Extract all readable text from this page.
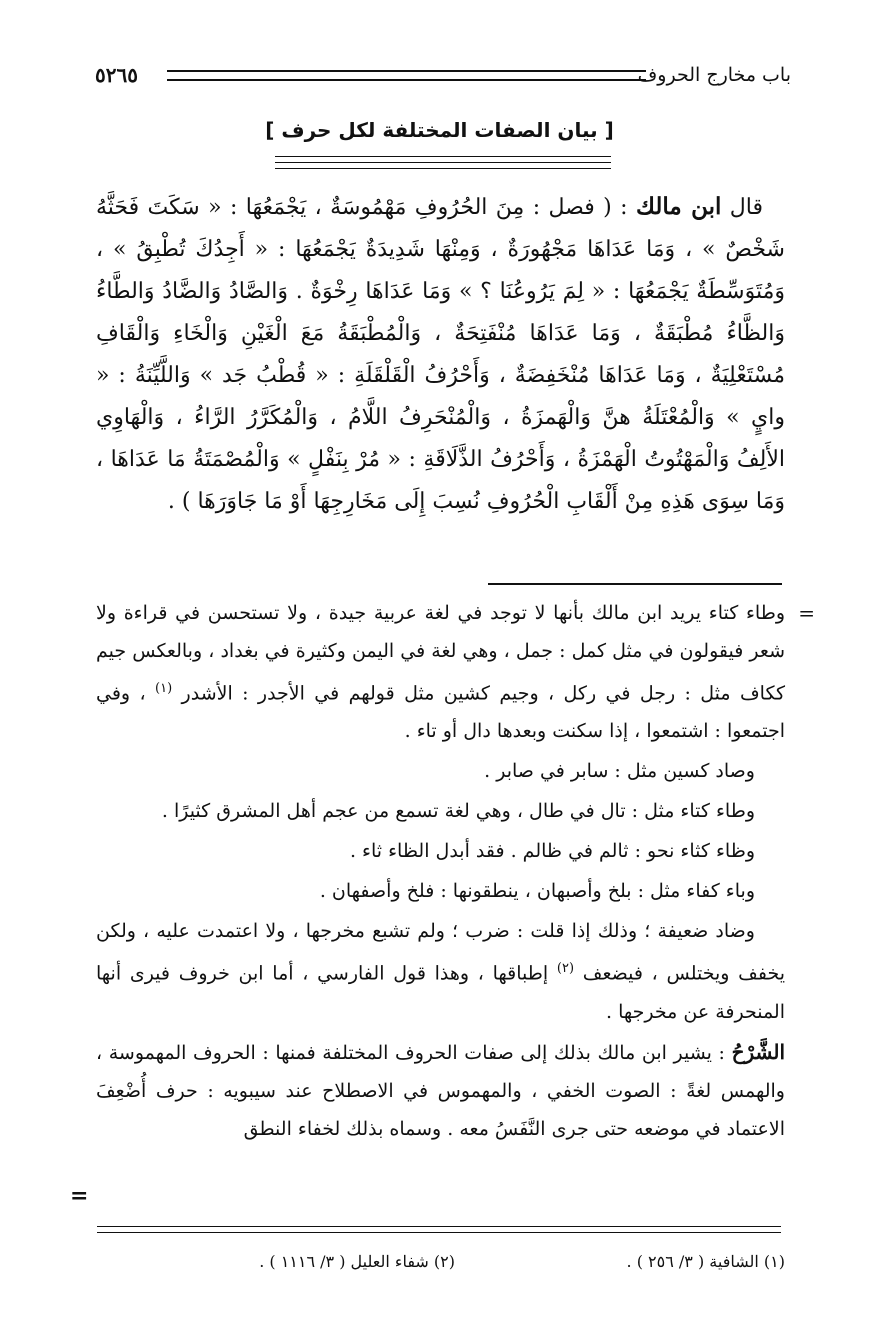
باب مخارج الحروف
٥٢٦٥
[ بيان الصفات المختلفة لكل حرف ]

قال ابن مالك : ( فصل : مِنَ الحُرُوفِ مَهْمُوسَةٌ ، يَجْمَعُهَا : « سَكَتَ فَحَثَّهُ شَخْصٌ » ، وَمَا عَدَاهَا مَجْهُورَةٌ ، وَمِنْهَا شَدِيدَةٌ يَجْمَعُهَا : « أَجِدُكَ تُطْبِقُ » ، وَمُتَوَسِّطَةٌ يَجْمَعُهَا : « لِمَ يَرُوعُنَا ؟ » وَمَا عَدَاهَا رِخْوَةٌ . وَالصَّادُ وَالضَّادُ وَالطَّاءُ وَالظَّاءُ مُطْبَقَةٌ ، وَمَا عَدَاهَا مُنْفَتِحَةٌ ، وَالْمُطْبَقَةُ مَعَ الْغَيْنِ وَالْخَاءِ وَالْقَافِ مُسْتَعْلِيَةٌ ، وَمَا عَدَاهَا مُنْخَفِضَةٌ ، وَأَحْرُفُ الْقَلْقَلَةِ : « قُطْبُ جَد » وَاللَّيِّنَةُ : « وايٍ » وَالْمُعْتَلَةُ هنَّ وَالْهَمزَةُ ، وَالْمُنْحَرِفُ اللَّامُ ، وَالْمُكَرَّرُ الرَّاءُ ، وَالْهَاوِي الأَلِفُ وَالْمَهْتُوتُ الْهَمْزَةُ ، وَأَحْرُفُ الذَّلَاقَةِ : « مُرْ بِنَفْلٍ » وَالْمُصْمَتَةُ مَا عَدَاهَا ، وَمَا سِوَى هَذِهِ مِنْ أَلْقَابِ الْحُرُوفِ نُسِبَ إِلَى مَخَارِجِهَا أَوْ مَا جَاوَرَهَا ) .

=

وطاء كتاء يريد ابن مالك بأنها لا توجد في لغة عربية جيدة ، ولا تستحسن في قراءة ولا شعر فيقولون في مثل كمل : جمل ، وهي لغة في اليمن وكثيرة في بغداد ، وبالعكس جيم ككاف مثل : رجل في ركل ، وجيم كشين مثل قولهم في الأجدر : الأشدر $^{(١)}$ ، وفي اجتمعوا : اشتمعوا ، إذا سكنت وبعدها دال أو تاء .

وصاد كسين مثل : سابر في صابر .

وطاء كتاء مثل : تال في طال ، وهي لغة تسمع من عجم أهل المشرق كثيرًا .

وظاء كثاء نحو : ثالم في ظالم . فقد أبدل الظاء ثاء .

وباء كفاء مثل : بلخ وأصبهان ، ينطقونها : فلخ وأصفهان .

وضاد ضعيفة ؛ وذلك إذا قلت : ضرب ؛ ولم تشبع مخرجها ، ولا اعتمدت عليه ، ولكن يخفف ويختلس ، فيضعف $^{(٢)}$ إطباقها ، وهذا قول الفارسي ، أما ابن خروف فيرى أنها المنحرفة عن مخرجها .

الشَّرْحُ : يشير ابن مالك بذلك إلى صفات الحروف المختلفة فمنها : الحروف المهموسة ، والهمس لغةً : الصوت الخفي ، والمهموس في الاصطلاح عند سيبويه : حرف أُضْعِفَ الاعتماد في موضعه حتى جرى النَّفَسُ معه . وسماه بذلك لخفاء النطق

=
(١) الشافية ( ٣/ ٢٥٦ ) .
(٢) شفاء العليل ( ٣/ ١١١٦ ) .
